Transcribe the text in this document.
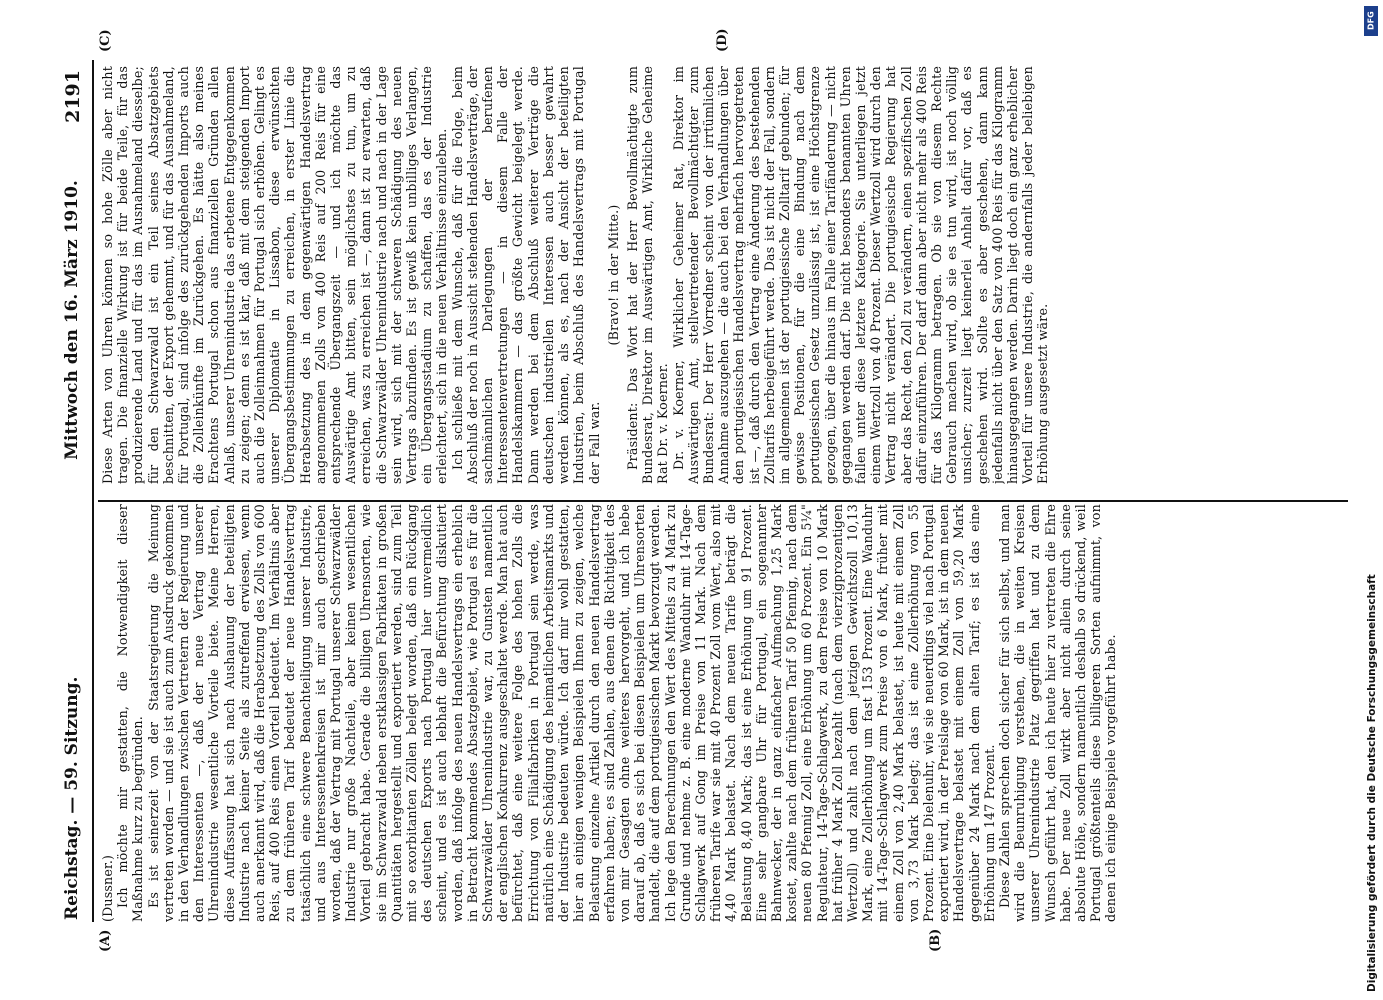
Reichstag. — 59. Sitzung.
Mittwoch den 16. März 1910.
2191
(A)	(B)
(C)	(D)

(Dussner.) Ich möchte mir gestatten, die Notwendigkeit dieser Maßnahme kurz zu begründen. Es ist seinerzeit von der Staatsregierung die Meinung vertreten worden — und sie ist auch zum Ausdruck gekommen in den Verhandlungen zwischen Vertretern der Regierung und den Interessenten —, daß der neue Vertrag unserer Uhrenindustrie wesentliche Vorteile biete. Meine Herren, diese Auffassung hat sich nach Aushauung der beteiligten Industrie nach keiner Seite als zutreffend erwiesen, wenn auch anerkannt wird, daß die Herabsetzung des Zolls von 600 Reis, auf 400 Reis einen Vorteil bedeutet. Im Verhältnis aber zu dem früheren Tarif bedeutet der neue Handelsvertrag tatsächlich eine schwere Benachteiligung unserer Industrie, und aus Interessentenkreisen ist mir auch geschrieben worden, daß der Vertrag mit Portugal unserer Schwarzwälder Industrie nur große Nachteile, aber keinen wesentlichen Vorteil gebracht habe. Gerade die billigen Uhrensorten, wie sie im Schwarzwald neben erstklassigen Fabrikaten in großen Quantitäten hergestellt und exportiert werden, sind zum Teil mit so exorbitanten Zöllen belegt worden, daß ein Rückgang des deutschen Exports nach Portugal hier unvermeidlich scheint, und es ist auch lebhaft die Befürchtung diskutiert worden, daß infolge des neuen Handelsvertrags ein erheblich in Betracht kommendes Absatzgebiet, wie Portugal es für die Schwarzwälder Uhrenindustrie war, zu Gunsten namentlich der englischen Konkurrenz ausgeschaltet werde. Man hat auch befürchtet, daß eine weitere Folge des hohen Zolls die Errichtung von Filialfabriken in Portugal sein werde, was natürlich eine Schädigung des heimatlichen Arbeitsmarkts und der Industrie bedeuten würde. Ich darf mir wohl gestatten, hier an einigen wenigen Beispielen Ihnen zu zeigen, welche Belastung einzelne Artikel durch den neuen Handelsvertrag erfahren haben; es sind Zahlen, aus denen die Richtigkeit des von mir Gesagten ohne weiteres hervorgeht, und ich hebe darauf ab, daß es sich bei diesen Beispielen um Uhrensorten handelt, die auf dem portugiesischen Markt bevorzugt werden. Ich lege den Berechnungen den Wert des Mittels zu 4 Mark zu Grunde und nehme z. B. eine moderne Wanduhr mit 14-Tage-Schlagwerk auf Gong im Preise von 11 Mark. Nach dem früheren Tarife war sie mit 40 Prozent Zoll vom Wert, also mit 4,40 Mark belastet. Nach dem neuen Tarife beträgt die Belastung 8,40 Mark; das ist eine Erhöhung um 91 Prozent. Eine sehr gangbare Uhr für Portugal, ein sogenannter Bahnwecker, der in ganz einfacher Aufmachung 1,25 Mark kostet, zahlte nach dem früheren Tarif 50 Pfennig, nach dem neuen 80 Pfennig Zoll, eine Erhöhung um 60 Prozent. Ein 5¼" Regulateur, 14-Tage-Schlagwerk, zu dem Preise von 10 Mark hat früher 4 Mark Zoll bezahlt (nach dem vierzigprozentigen Wertzoll) und zahlt nach dem jetzigen Gewichtszoll 10,13 Mark, eine Zollerhöhung um fast 153 Prozent. Eine Wanduhr mit 14-Tage-Schlagwerk zum Preise von 6 Mark, früher mit einem Zoll von 2,40 Mark belastet, ist heute mit einem Zoll von 3,73 Mark belegt; das ist eine Zollerhöhung von 55 Prozent. Eine Dielenuhr, wie sie neuerdings viel nach Portugal exportiert wird, in der Preislage von 60 Mark, ist in dem neuen Handelsvertrage belastet mit einem Zoll von 59,20 Mark gegenüber 24 Mark nach dem alten Tarif; es ist das eine Erhöhung um 147 Prozent. Diese Zahlen sprechen doch sicher für sich selbst, und man wird die Beunruhigung verstehen, die in weiten Kreisen unserer Uhrenindustrie Platz gegriffen hat und zu dem Wunsch geführt hat, den ich heute hier zu vertreten die Ehre habe. Der neue Zoll wirkt aber nicht allein durch seine absolute Höhe, sondern namentlich deshalb so drückend, weil Portugal größtenteils diese billigeren Sorten aufnimmt, von denen ich einige Beispiele vorgeführt habe.

Diese Arten von Uhren können so hohe Zölle aber nicht tragen. Die finanzielle Wirkung ist für beide Teile, für das produzierende Land und für das im Ausnahmeland diesselbe; für den Schwarzwald ist ein Teil seines Absatzgebiets beschnitten, der Export gehemmt, und für das Ausnahmeland, für Portugal, sind infolge des zurückgehenden Imports auch die Zolleinkünfte im Zurückgehen. Es hätte also meines Erachtens Portugal schon aus finanziellen Gründen allen Anlaß, unserer Uhrenindustrie das erbetene Entgegenkommen zu zeigen; denn es ist klar, daß mit dem steigenden Import auch die Zolleinnahmen für Portugal sich erhöhen. Gelingt es unserer Diplomatie in Lissabon, diese erwünschten Übergangsbestimmungen zu erreichen, in erster Linie die Herabsetzung des in dem gegenwärtigen Handelsvertrag angenommenen Zolls von 400 Reis auf 200 Reis für eine entsprechende Übergangszeit — und ich möchte das Auswärtige Amt bitten, sein möglichstes zu tun, um zu erreichen, was zu erreichen ist —, dann ist zu erwarten, daß die Schwarzwälder Uhrenindustrie nach und nach in der Lage sein wird, sich mit der schweren Schädigung des neuen Vertrags abzufinden. Es ist gewiß kein unbilliges Verlangen, ein Übergangsstadium zu schaffen, das es der Industrie erleichtert, sich in die neuen Verhältnisse einzuleben. Ich schließe mit dem Wunsche, daß für die Folge, beim Abschluß der noch in Aussicht stehenden Handelsverträge, der sachmännlichen Darlegungen der berufenen Interessentenvertretungen — in diesem Falle der Handelskammern — das größte Gewicht beigelegt werde. Dann werden bei dem Abschluß weiterer Verträge die deutschen industriellen Interessen auch besser gewahrt werden können, als es, nach der Ansicht der beteiligten Industrien, beim Abschluß des Handelsvertrags mit Portugal der Fall war.

(Bravo! in der Mitte.) Präsident: Das Wort hat der Herr Bevollmächtigte zum Bundesrat, Direktor im Auswärtigen Amt, Wirkliche Geheime Rat Dr. v. Koerner. Dr. v. Koerner, Wirklicher Geheimer Rat, Direktor im Auswärtigen Amt, stellvertretender Bevollmächtigter zum Bundesrat: Der Herr Vorredner scheint von der irrtümlichen Annahme auszugehen — die auch bei den Verhandlungen über den portugiesischen Handelsvertrag mehrfach hervorgetreten ist —, daß durch den Vertrag eine Änderung des bestehenden Zolltarifs herbeigeführt werde. Das ist nicht der Fall, sondern im allgemeinen ist der portugiesische Zolltarif gebunden; für gewisse Positionen, für die eine Bindung nach dem portugiesischen Gesetz unzulässig ist, ist eine Höchstgrenze gezogen, über die hinaus im Falle einer Tarifänderung — nicht gegangen werden darf. Die nicht besonders benannten Uhren fallen unter diese letztere Kategorie. Sie unterliegen jetzt einem Wertzoll von 40 Prozent. Dieser Wertzoll wird durch den Vertrag nicht verändert. Die portugiesische Regierung hat aber das Recht, den Zoll zu verändern, einen spezifischen Zoll dafür einzuführen. Der darf dann aber nicht mehr als 400 Reis für das Kilogramm betragen. Ob sie von diesem Rechte Gebrauch machen wird, ob sie es tun wird, ist noch völlig unsicher; zurzeit liegt keinerlei Anhalt dafür vor, daß es geschehen wird. Sollte es aber geschehen, dann kann jedenfalls nicht über den Satz von 400 Reis für das Kilogramm hinausgegangen werden. Darin liegt doch ein ganz erheblicher Vorteil für unsere Industrie, die andernfalls jeder beliebigen Erhöhung ausgesetzt wäre.

DFG
Digitalisierung gefördert durch die Deutsche Forschungsgemeinschaft
